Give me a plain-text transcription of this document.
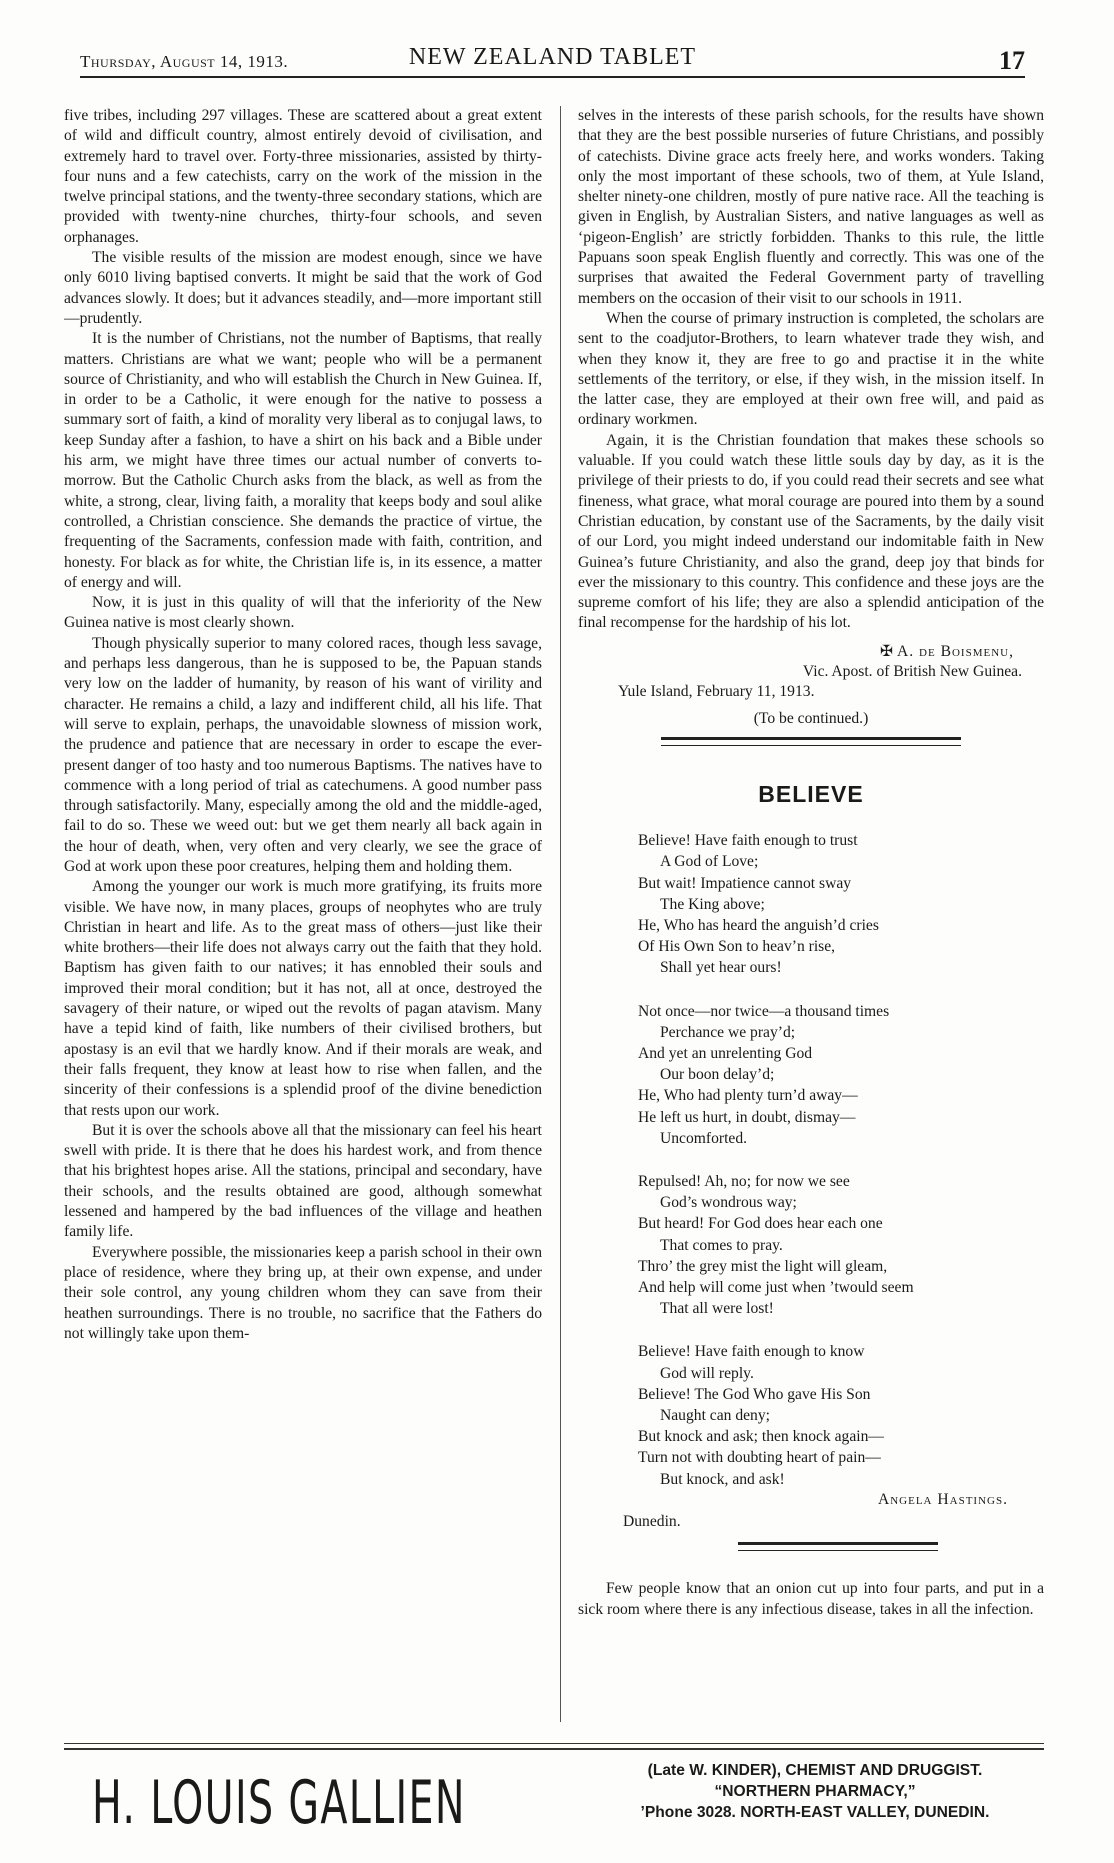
Thursday, August 14, 1913.	NEW ZEALAND TABLET	17

five tribes, including 297 villages. These are scattered about a great extent of wild and difficult country, almost entirely devoid of civilisation, and extremely hard to travel over. Forty-three missionaries, assisted by thirty-four nuns and a few catechists, carry on the work of the mission in the twelve principal stations, and the twenty-three secondary stations, which are provided with twenty-nine churches, thirty-four schools, and seven orphanages.

The visible results of the mission are modest enough, since we have only 6010 living baptised converts. It might be said that the work of God advances slowly. It does; but it advances steadily, and—more important still—prudently.

It is the number of Christians, not the number of Baptisms, that really matters. Christians are what we want; people who will be a permanent source of Christianity, and who will establish the Church in New Guinea. If, in order to be a Catholic, it were enough for the native to possess a summary sort of faith, a kind of morality very liberal as to conjugal laws, to keep Sunday after a fashion, to have a shirt on his back and a Bible under his arm, we might have three times our actual number of converts to-morrow. But the Catholic Church asks from the black, as well as from the white, a strong, clear, living faith, a morality that keeps body and soul alike controlled, a Christian conscience. She demands the practice of virtue, the frequenting of the Sacraments, confession made with faith, contrition, and honesty. For black as for white, the Christian life is, in its essence, a matter of energy and will.

Now, it is just in this quality of will that the inferiority of the New Guinea native is most clearly shown.

Though physically superior to many colored races, though less savage, and perhaps less dangerous, than he is supposed to be, the Papuan stands very low on the ladder of humanity, by reason of his want of virility and character. He remains a child, a lazy and indifferent child, all his life. That will serve to explain, perhaps, the unavoidable slowness of mission work, the prudence and patience that are necessary in order to escape the ever-present danger of too hasty and too numerous Baptisms. The natives have to commence with a long period of trial as catechumens. A good number pass through satisfactorily. Many, especially among the old and the middle-aged, fail to do so. These we weed out: but we get them nearly all back again in the hour of death, when, very often and very clearly, we see the grace of God at work upon these poor creatures, helping them and holding them.

Among the younger our work is much more gratifying, its fruits more visible. We have now, in many places, groups of neophytes who are truly Christian in heart and life. As to the great mass of others—just like their white brothers—their life does not always carry out the faith that they hold. Baptism has given faith to our natives; it has ennobled their souls and improved their moral condition; but it has not, all at once, destroyed the savagery of their nature, or wiped out the revolts of pagan atavism. Many have a tepid kind of faith, like numbers of their civilised brothers, but apostasy is an evil that we hardly know. And if their morals are weak, and their falls frequent, they know at least how to rise when fallen, and the sincerity of their confessions is a splendid proof of the divine benediction that rests upon our work.

But it is over the schools above all that the missionary can feel his heart swell with pride. It is there that he does his hardest work, and from thence that his brightest hopes arise. All the stations, principal and secondary, have their schools, and the results obtained are good, although somewhat lessened and hampered by the bad influences of the village and heathen family life.

Everywhere possible, the missionaries keep a parish school in their own place of residence, where they bring up, at their own expense, and under their sole control, any young children whom they can save from their heathen surroundings. There is no trouble, no sacrifice that the Fathers do not willingly take upon them-

selves in the interests of these parish schools, for the results have shown that they are the best possible nurseries of future Christians, and possibly of catechists. Divine grace acts freely here, and works wonders. Taking only the most important of these schools, two of them, at Yule Island, shelter ninety-one children, mostly of pure native race. All the teaching is given in English, by Australian Sisters, and native languages as well as ‘pigeon-English’ are strictly forbidden. Thanks to this rule, the little Papuans soon speak English fluently and correctly. This was one of the surprises that awaited the Federal Government party of travelling members on the occasion of their visit to our schools in 1911.

When the course of primary instruction is completed, the scholars are sent to the coadjutor-Brothers, to learn whatever trade they wish, and when they know it, they are free to go and practise it in the white settlements of the territory, or else, if they wish, in the mission itself. In the latter case, they are employed at their own free will, and paid as ordinary workmen.

Again, it is the Christian foundation that makes these schools so valuable. If you could watch these little souls day by day, as it is the privilege of their priests to do, if you could read their secrets and see what fineness, what grace, what moral courage are poured into them by a sound Christian education, by constant use of the Sacraments, by the daily visit of our Lord, you might indeed understand our indomitable faith in New Guinea’s future Christianity, and also the grand, deep joy that binds for ever the missionary to this country. This confidence and these joys are the supreme comfort of his life; they are also a splendid anticipation of the final recompense for the hardship of his lot.

✠ A. de Boismenu,
Vic. Apost. of British New Guinea.
Yule Island, February 11, 1913.
(To be continued.)
BELIEVE
Believe! Have faith enough to trust
A God of Love;
But wait! Impatience cannot sway
The King above;
He, Who has heard the anguish’d cries
Of His Own Son to heav’n rise,
Shall yet hear ours!
Not once—nor twice—a thousand times
Perchance we pray’d;
And yet an unrelenting God
Our boon delay’d;
He, Who had plenty turn’d away—
He left us hurt, in doubt, dismay—
Uncomforted.
Repulsed! Ah, no; for now we see
God’s wondrous way;
But heard! For God does hear each one
That comes to pray.
Thro’ the grey mist the light will gleam,
And help will come just when ’twould seem
That all were lost!
Believe! Have faith enough to know
God will reply.
Believe! The God Who gave His Son
Naught can deny;
But knock and ask; then knock again—
Turn not with doubting heart of pain—
But knock, and ask!
Angela Hastings.
Dunedin.

Few people know that an onion cut up into four parts, and put in a sick room where there is any infectious disease, takes in all the infection.

H. LOUIS GALLIEN	(Late W. KINDER), CHEMIST AND DRUGGIST.
“NORTHERN PHARMACY,”
’Phone 3028. NORTH-EAST VALLEY, DUNEDIN.
